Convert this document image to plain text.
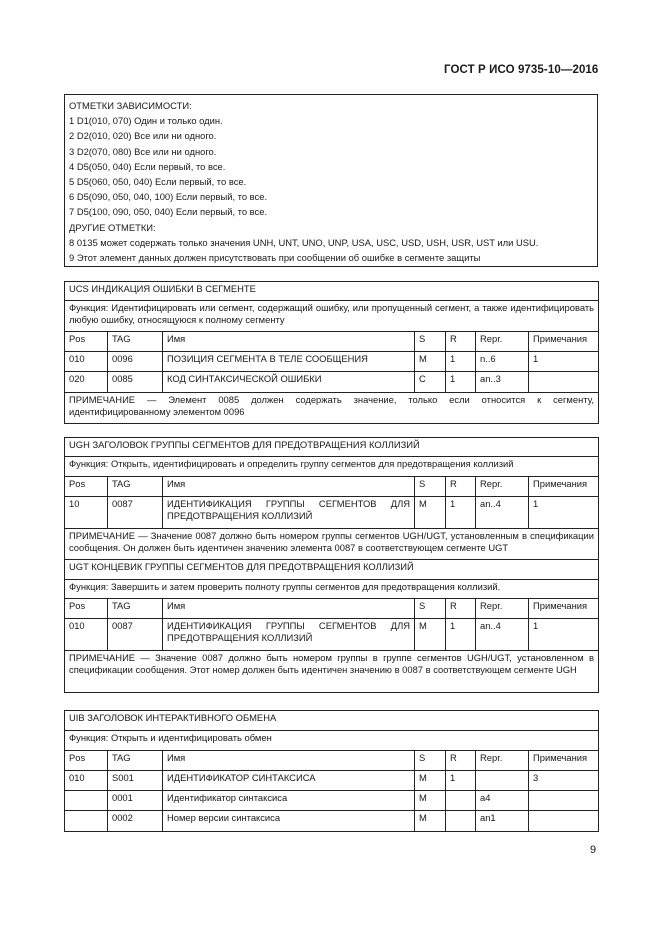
ГОСТ Р ИСО 9735-10—2016
ОТМЕТКИ ЗАВИСИМОСТИ:
1 D1(010, 070) Один и только один.
2 D2(010, 020) Все или ни одного.
3 D2(070, 080) Все или ни одного.
4 D5(050, 040) Если первый, то все.
5 D5(060, 050, 040) Если первый, то все.
6 D5(090, 050, 040, 100) Если первый, то все.
7 D5(100, 090, 050, 040) Если первый, то все.
ДРУГИЕ ОТМЕТКИ:
8 0135 может содержать только значения UNH, UNT, UNO, UNP, USA, USC, USD, USH, USR, UST или USU.
9 Этот элемент данных должен присутствовать при сообщении об ошибке в сегменте защиты
UCS ИНДИКАЦИЯ ОШИБКИ В СЕГМЕНТЕ						
Функция: Идентифицировать или сегмент, содержащий ошибку, или пропущенный сегмент, а также идентифицировать любую ошибку, относящуюся к полному сегменту						
Pos	TAG	Имя	S	R	Repr.	Примечания
010	0096	ПОЗИЦИЯ СЕГМЕНТА В ТЕЛЕ СООБЩЕНИЯ	M	1	n..6	1
020	0085	КОД СИНТАКСИЧЕСКОЙ ОШИБКИ	C	1	an..3	
ПРИМЕЧАНИЕ — Элемент 0085 должен содержать значение, только если относится к сегменту, идентифицированному элементом 0096						
UGH ЗАГОЛОВОК ГРУППЫ СЕГМЕНТОВ ДЛЯ ПРЕДОТВРАЩЕНИЯ КОЛЛИЗИЙ						
Функция: Открыть, идентифицировать и определить группу сегментов для предотвращения коллизий						
Pos	TAG	Имя	S	R	Repr.	Примечания
10	0087	ИДЕНТИФИКАЦИЯ ГРУППЫ СЕГМЕНТОВ ДЛЯ ПРЕДОТВРАЩЕНИЯ КОЛЛИЗИЙ	M	1	an..4	1
ПРИМЕЧАНИЕ — Значение 0087 должно быть номером группы сегментов UGH/UGT, установленным в спецификации сообщения. Он должен быть идентичен значению элемента 0087 в соответствующем сегменте UGT						
UGT КОНЦЕВИК ГРУППЫ СЕГМЕНТОВ ДЛЯ ПРЕДОТВРАЩЕНИЯ КОЛЛИЗИЙ						
Функция: Завершить и затем проверить полноту группы сегментов для предотвращения коллизий.						
Pos	TAG	Имя	S	R	Repr.	Примечания
010	0087	ИДЕНТИФИКАЦИЯ ГРУППЫ СЕГМЕНТОВ ДЛЯ ПРЕДОТВРАЩЕНИЯ КОЛЛИЗИЙ	M	1	an..4	1
ПРИМЕЧАНИЕ — Значение 0087 должно быть номером группы в группе сегментов UGH/UGT, установленном в спецификации сообщения. Этот номер должен быть идентичен значению в 0087 в соответствующем сегменте UGH						
UIB ЗАГОЛОВОК ИНТЕРАКТИВНОГО ОБМЕНА						
Функция: Открыть и идентифицировать обмен						
Pos	TAG	Имя	S	R	Repr.	Примечания
010	S001	ИДЕНТИФИКАТОР СИНТАКСИСА	M	1		3
	0001	Идентификатор синтаксиса	M		a4	
	0002	Номер версии синтаксиса	M		an1	
9
